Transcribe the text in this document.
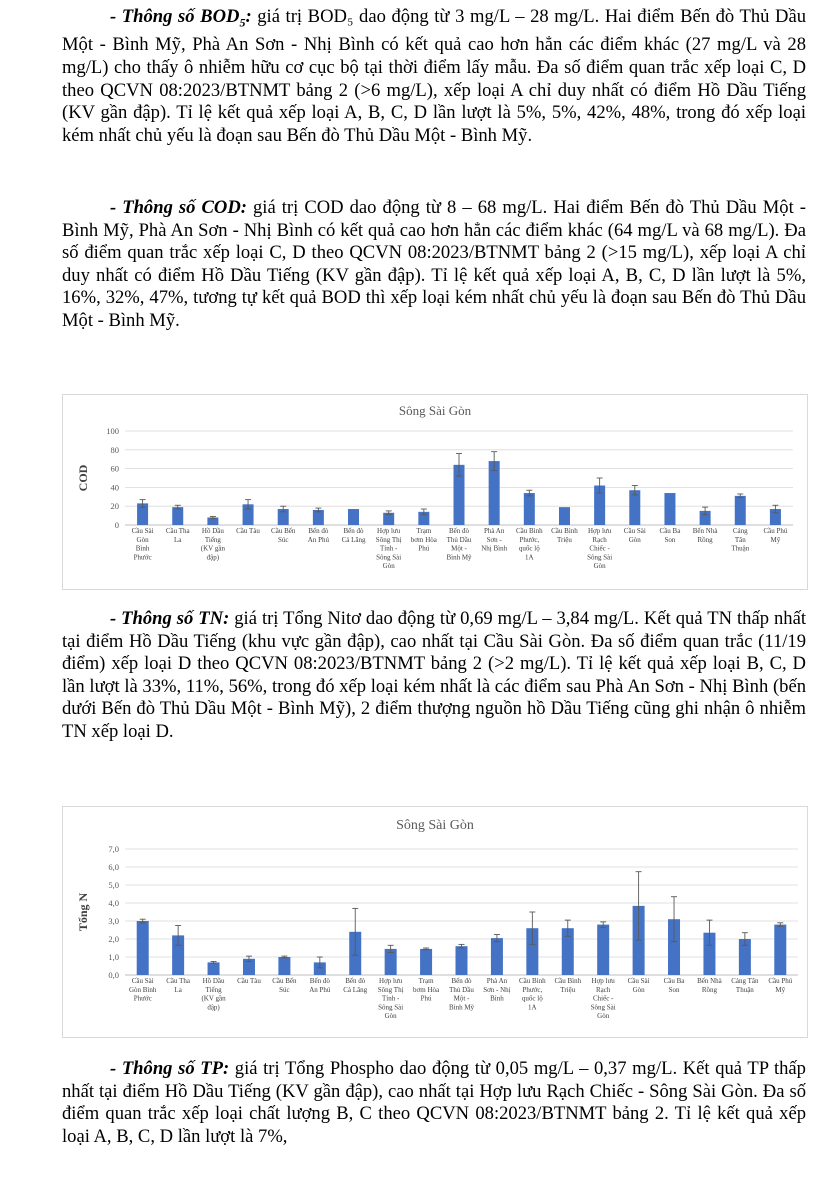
- Thông số $BOD_5$: giá trị BOD₅ dao động từ 3 mg/L – 28 mg/L. Hai điểm Bến đò Thủ Dầu Một - Bình Mỹ, Phà An Sơn - Nhị Bình có kết quả cao hơn hẳn các điểm khác (27 mg/L và 28 mg/L) cho thấy ô nhiễm hữu cơ cục bộ tại thời điểm lấy mẫu. Đa số điểm quan trắc xếp loại C, D theo QCVN 08:2023/BTNMT bảng 2 (>6 mg/L), xếp loại A chỉ duy nhất có điểm Hồ Dầu Tiếng (KV gần đập). Tỉ lệ kết quả xếp loại A, B, C, D lần lượt là 5%, 5%, 42%, 48%, trong đó xếp loại kém nhất chủ yếu là đoạn sau Bến đò Thủ Dầu Một - Bình Mỹ.

- Thông số COD: giá trị COD dao động từ 8 – 68 mg/L. Hai điểm Bến đò Thủ Dầu Một - Bình Mỹ, Phà An Sơn - Nhị Bình có kết quả cao hơn hẳn các điểm khác (64 mg/L và 68 mg/L). Đa số điểm quan trắc xếp loại C, D theo QCVN 08:2023/BTNMT bảng 2 (>15 mg/L), xếp loại A chỉ duy nhất có điểm Hồ Dầu Tiếng (KV gần đập). Tỉ lệ kết quả xếp loại A, B, C, D lần lượt là 5%, 16%, 32%, 47%, tương tự kết quả BOD thì xếp loại kém nhất chủ yếu là đoạn sau Bến đò Thủ Dầu Một - Bình Mỹ.

Sông Sài Gòn
COD
0
20
40
60
80
100
Cầu Sài Gòn Bình Phước
Cầu Tha La
Hồ Dầu Tiếng (KV gần đập)
Cầu Tàu Cầu Bến Súc
Bến đò An Phú
Bến đò Cả Lăng
Hợp lưu Sông Thị Tính -Sông Sài Gòn
Trạm bơm Hòa Phú
Bến đò Thủ Dầu Một -Bình Mỹ
Phà An Sơn -Nhị Bình
Cầu Bình Phước, quốc lộ 1A
Cầu Bình Triệu
Hợp lưu Rạch Chiếc -Sông Sài Gòn
Cầu Sài Gòn
Cầu Ba Son
Bến Nhà Rồng
Cảng Tân Thuận
Cầu Phú Mỹ

- Thông số TN: giá trị Tổng Nitơ dao động từ 0,69 mg/L – 3,84 mg/L. Kết quả TN thấp nhất tại điểm Hồ Dầu Tiếng (khu vực gần đập), cao nhất tại Cầu Sài Gòn. Đa số điểm quan trắc (11/19 điểm) xếp loại D theo QCVN 08:2023/BTNMT bảng 2 (>2 mg/L). Tỉ lệ kết quả xếp loại B, C, D lần lượt là 33%, 11%, 56%, trong đó xếp loại kém nhất là các điểm sau Phà An Sơn - Nhị Bình (bến dưới Bến đò Thủ Dầu Một - Bình Mỹ), 2 điểm thượng nguồn hồ Dầu Tiếng cũng ghi nhận ô nhiễm TN xếp loại D.

Sông Sài Gòn
Tổng N
0,0
1,0
2,0
3,0
4,0
5,0
6,0
7,0
Cầu Sài Gòn Bình Phước
Cầu Tha La
Hồ Dầu Tiếng (KV gần đập)
Cầu Tàu Cầu Bến Súc
Bến đò An Phú
Bến đò Cả Lăng
Hợp lưu Sông Thị Tính -Sông Sài Gòn
Trạm bơm Hòa Phú
Bến đò Thủ Dầu Một -Bình Mỹ
Phà An Sơn - Nhị Bình
Cầu Bình Phước, quốc lộ 1A
Cầu Bình Triệu
Hợp lưu Rạch Chiếc -Sông Sài Gòn
Cầu Sài Gòn
Cầu Ba Son
Bến Nhà Rồng
Cảng Tân Thuận
Cầu Phú Mỹ

- Thông số TP: giá trị Tổng Phospho dao động từ 0,05 mg/L – 0,37 mg/L. Kết quả TP thấp nhất tại điểm Hồ Dầu Tiếng (KV gần đập), cao nhất tại Hợp lưu Rạch Chiếc - Sông Sài Gòn. Đa số điểm quan trắc xếp loại chất lượng B, C theo QCVN 08:2023/BTNMT bảng 2. Tỉ lệ kết quả xếp loại A, B, C, D lần lượt là 7%,
